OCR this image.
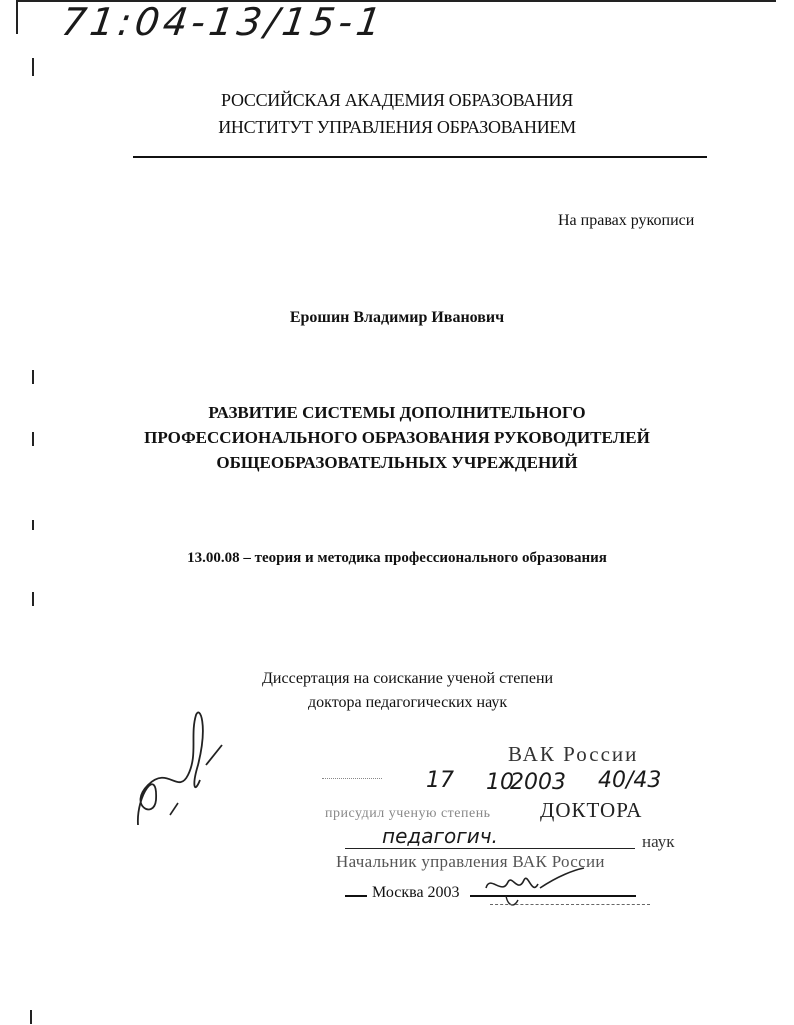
71:04-13/15-1
РОССИЙСКАЯ АКАДЕМИЯ ОБРАЗОВАНИЯ
ИНСТИТУТ УПРАВЛЕНИЯ ОБРАЗОВАНИЕМ
На правах рукописи
Ерошин Владимир Иванович
РАЗВИТИЕ СИСТЕМЫ ДОПОЛНИТЕЛЬНОГО
ПРОФЕССИОНАЛЬНОГО ОБРАЗОВАНИЯ РУКОВОДИТЕЛЕЙ
ОБЩЕОБРАЗОВАТЕЛЬНЫХ УЧРЕЖДЕНИЙ
13.00.08 – теория и методика профессионального образования
Диссертация на соискание ученой степени
доктора педагогических наук
ВАК России
17 10
2003 40/43
присудил ученую степень ДОКТОРА
педагогич.	наук
Начальник управления ВАК России
Москва 2003
